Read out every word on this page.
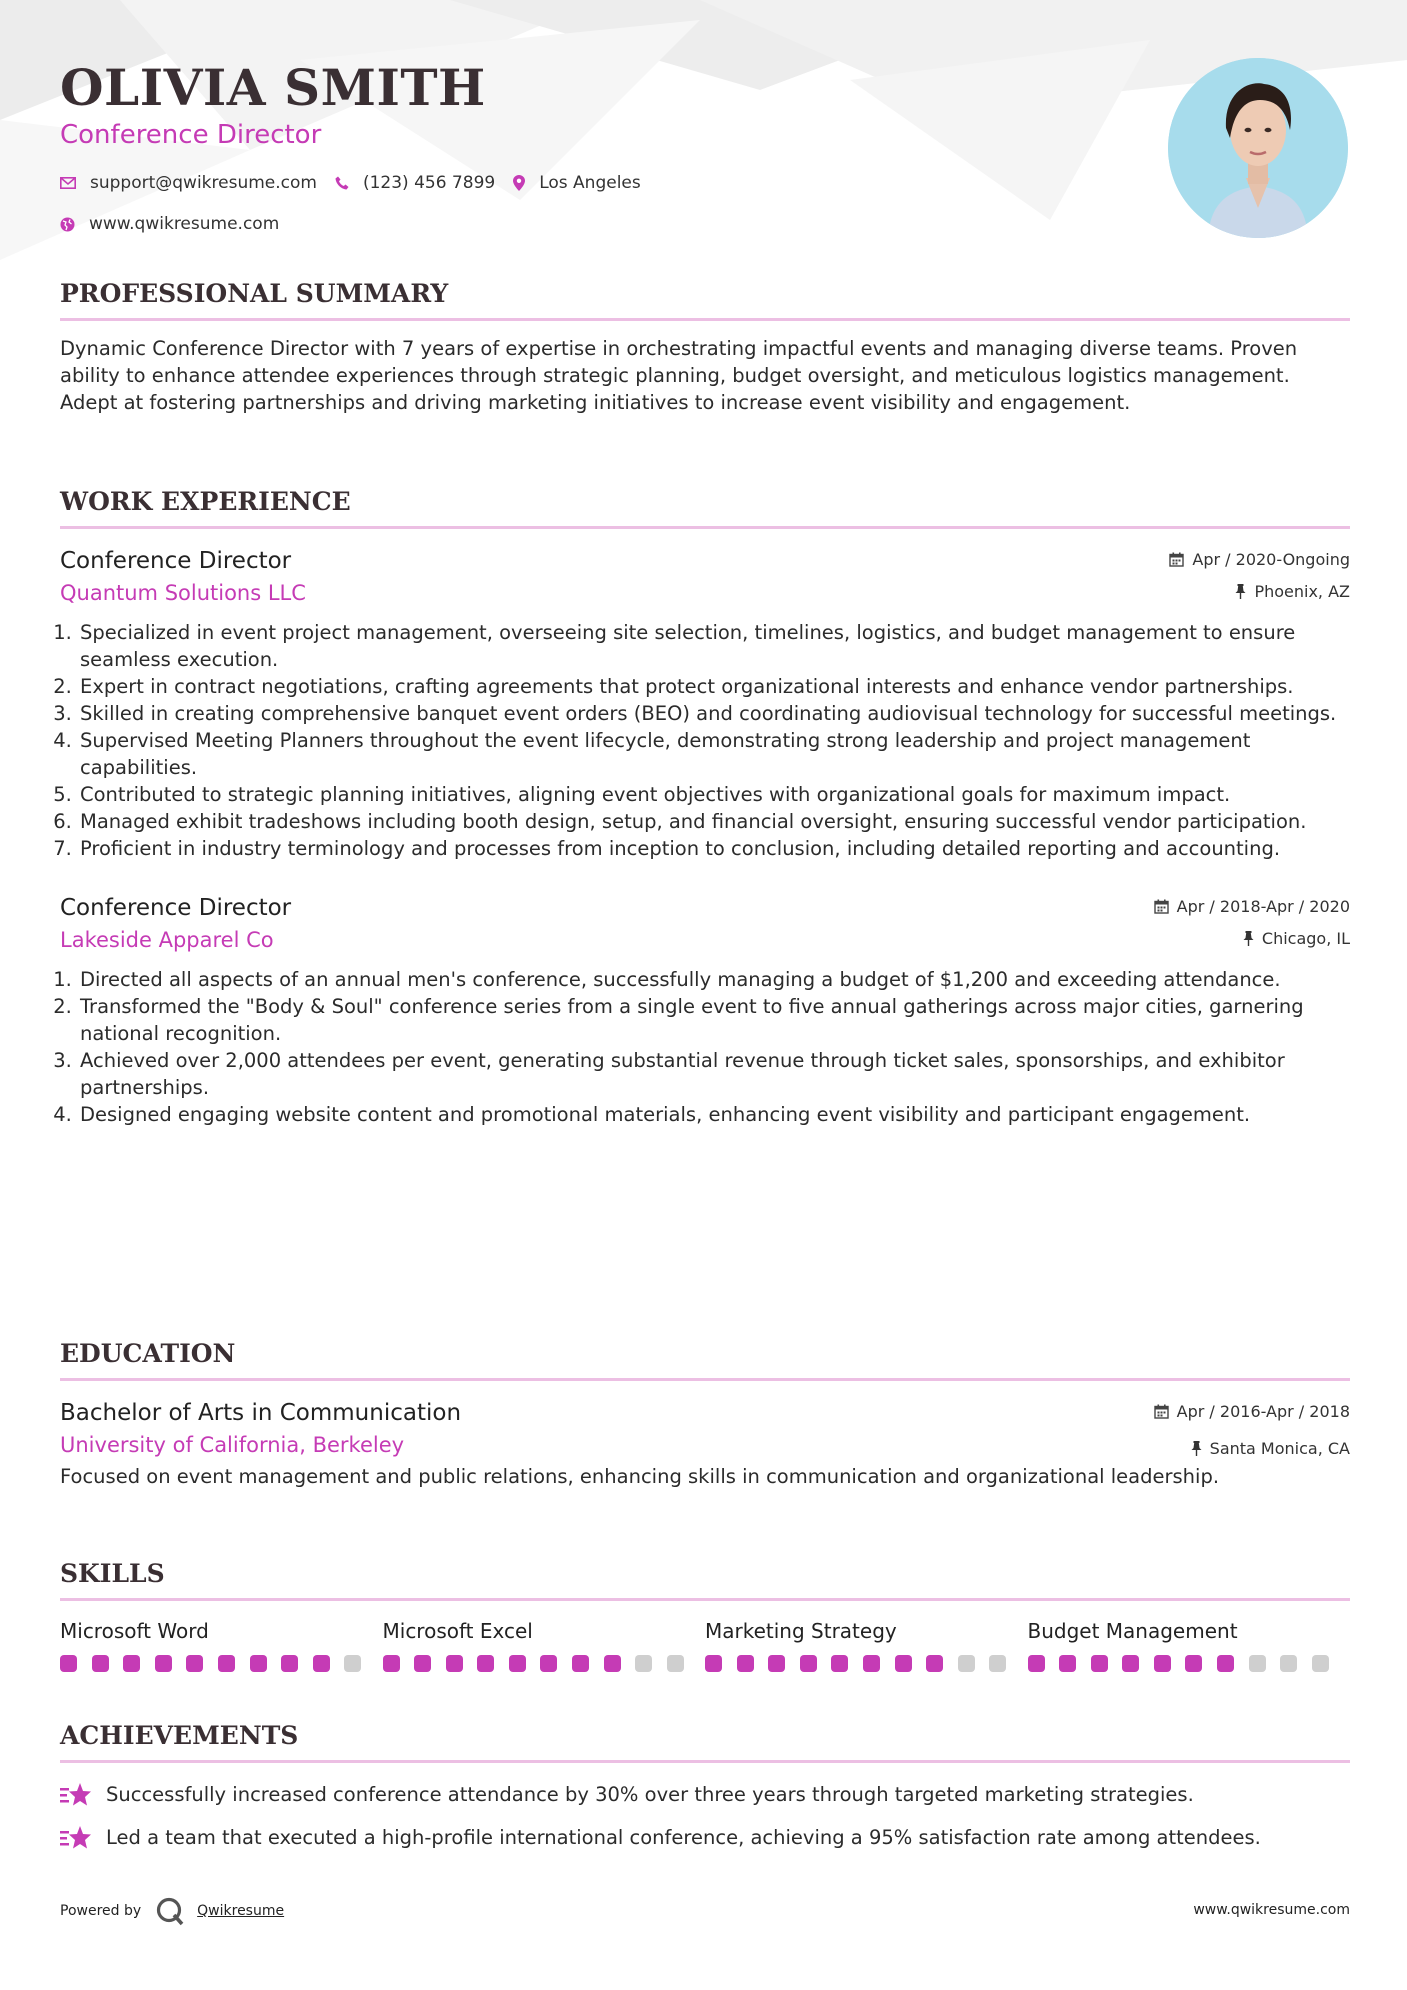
OLIVIA SMITH
Conference Director
support@qwikresume.com	(123) 456 7899	Los Angeles
www.qwikresume.com
PROFESSIONAL SUMMARY
Dynamic Conference Director with 7 years of expertise in orchestrating impactful events and managing diverse teams. Proven ability to enhance attendee experiences through strategic planning, budget oversight, and meticulous logistics management. Adept at fostering partnerships and driving marketing initiatives to increase event visibility and engagement.
WORK EXPERIENCE
Conference Director
Quantum Solutions LLC
Apr / 2020-Ongoing
Phoenix, AZ
1. Specialized in event project management, overseeing site selection, timelines, logistics, and budget management to ensure seamless execution.
2. Expert in contract negotiations, crafting agreements that protect organizational interests and enhance vendor partnerships.
3. Skilled in creating comprehensive banquet event orders (BEO) and coordinating audiovisual technology for successful meetings.
4. Supervised Meeting Planners throughout the event lifecycle, demonstrating strong leadership and project management capabilities.
5. Contributed to strategic planning initiatives, aligning event objectives with organizational goals for maximum impact.
6. Managed exhibit tradeshows including booth design, setup, and financial oversight, ensuring successful vendor participation.
7. Proficient in industry terminology and processes from inception to conclusion, including detailed reporting and accounting.
Conference Director
Lakeside Apparel Co
Apr / 2018-Apr / 2020
Chicago, IL
1. Directed all aspects of an annual men's conference, successfully managing a budget of $1,200 and exceeding attendance.
2. Transformed the "Body & Soul" conference series from a single event to five annual gatherings across major cities, garnering national recognition.
3. Achieved over 2,000 attendees per event, generating substantial revenue through ticket sales, sponsorships, and exhibitor partnerships.
4. Designed engaging website content and promotional materials, enhancing event visibility and participant engagement.
EDUCATION
Bachelor of Arts in Communication
University of California, Berkeley
Apr / 2016-Apr / 2018
Santa Monica, CA
Focused on event management and public relations, enhancing skills in communication and organizational leadership.
SKILLS
Microsoft Word	Microsoft Excel	Marketing Strategy	Budget Management
ACHIEVEMENTS
Successfully increased conference attendance by 30% over three years through targeted marketing strategies.
Led a team that executed a high-profile international conference, achieving a 95% satisfaction rate among attendees.
Powered by	Qwikresume	www.qwikresume.com
